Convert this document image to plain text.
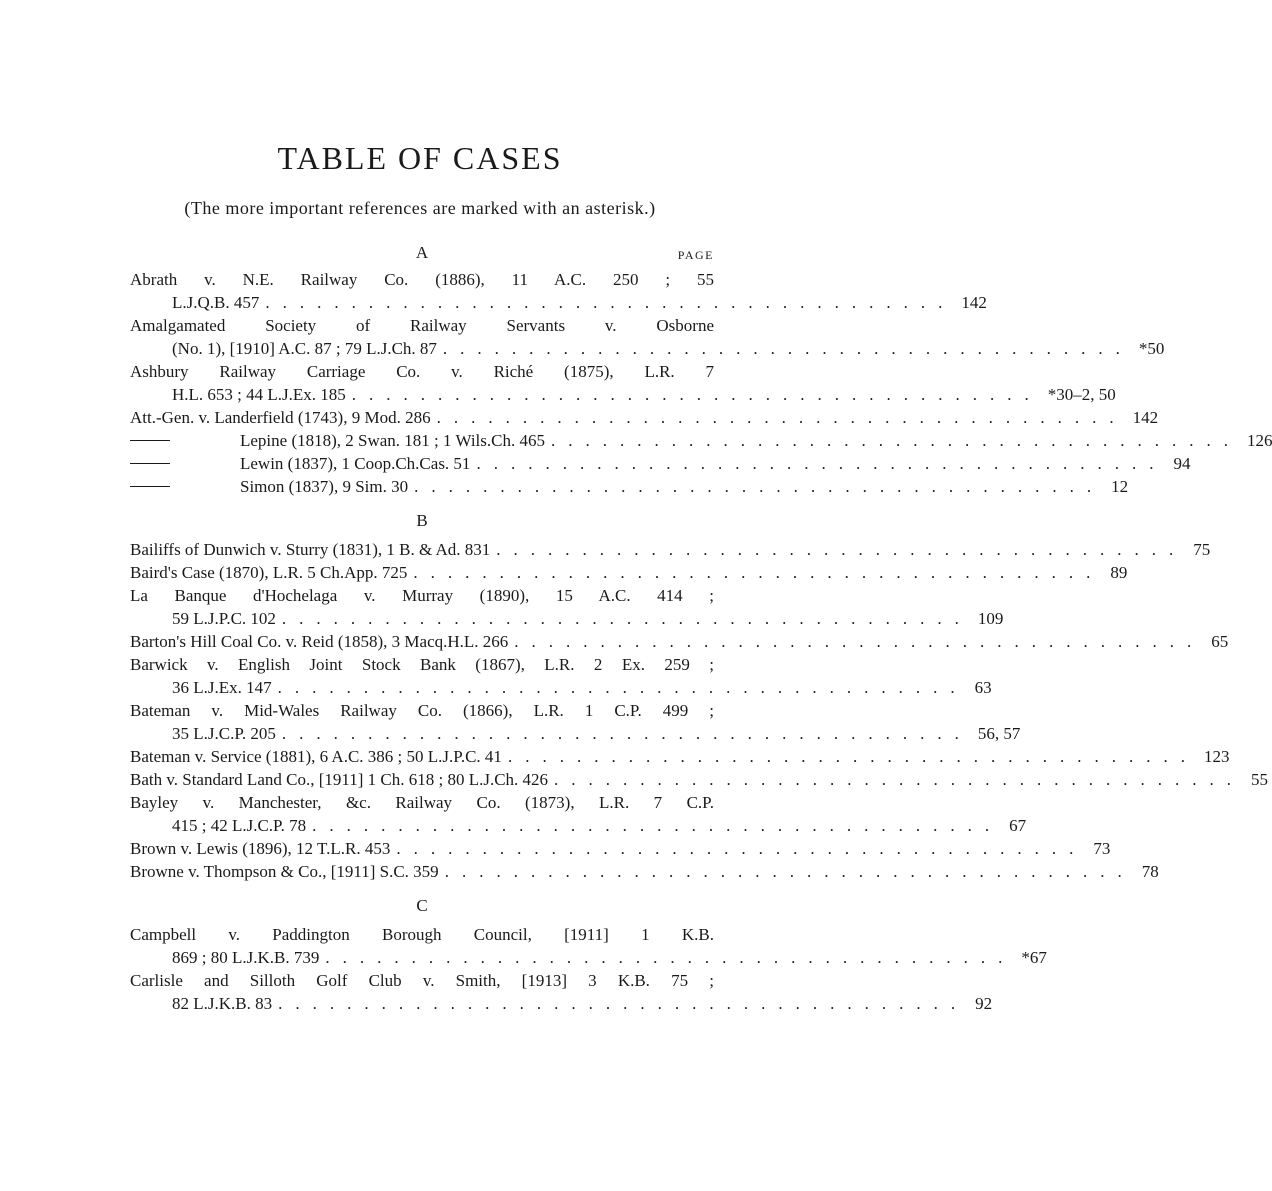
TABLE OF CASES
(The more important references are marked with an asterisk.)
A	PAGE
Abrath v. N.E. Railway Co. (1886), 11 A.C. 250 ; 55
L.J.Q.B. 457 ........................................ 142
Amalgamated Society of Railway Servants v. Osborne
(No. 1), [1910] A.C. 87 ; 79 L.J.Ch. 87 ........................................ *50
Ashbury Railway Carriage Co. v. Riché (1875), L.R. 7
H.L. 653 ; 44 L.J.Ex. 185 ........................................ *30–2, 50
Att.-Gen. v. Landerfield (1743), 9 Mod. 286 ........................................ 142
Lepine (1818), 2 Swan. 181 ; 1 Wils.Ch. 465 ........................................ 126
Lewin (1837), 1 Coop.Ch.Cas. 51 ........................................ 94
Simon (1837), 9 Sim. 30 ........................................ 12
B
Bailiffs of Dunwich v. Sturry (1831), 1 B. & Ad. 831 ........................................ 75
Baird's Case (1870), L.R. 5 Ch.App. 725 ........................................ 89
La Banque d'Hochelaga v. Murray (1890), 15 A.C. 414 ;
59 L.J.P.C. 102 ........................................ 109
Barton's Hill Coal Co. v. Reid (1858), 3 Macq.H.L. 266 ........................................ 65
Barwick v. English Joint Stock Bank (1867), L.R. 2 Ex. 259 ;
36 L.J.Ex. 147 ........................................ 63
Bateman v. Mid-Wales Railway Co. (1866), L.R. 1 C.P. 499 ;
35 L.J.C.P. 205 ........................................ 56, 57
Bateman v. Service (1881), 6 A.C. 386 ; 50 L.J.P.C. 41 ........................................ 123
Bath v. Standard Land Co., [1911] 1 Ch. 618 ; 80 L.J.Ch. 426 ........................................ 55
Bayley v. Manchester, &c. Railway Co. (1873), L.R. 7 C.P.
415 ; 42 L.J.C.P. 78 ........................................ 67
Brown v. Lewis (1896), 12 T.L.R. 453 ........................................ 73
Browne v. Thompson & Co., [1911] S.C. 359 ........................................ 78
C
Campbell v. Paddington Borough Council, [1911] 1 K.B.
869 ; 80 L.J.K.B. 739 ........................................ *67
Carlisle and Silloth Golf Club v. Smith, [1913] 3 K.B. 75 ;
82 L.J.K.B. 83 ........................................ 92
